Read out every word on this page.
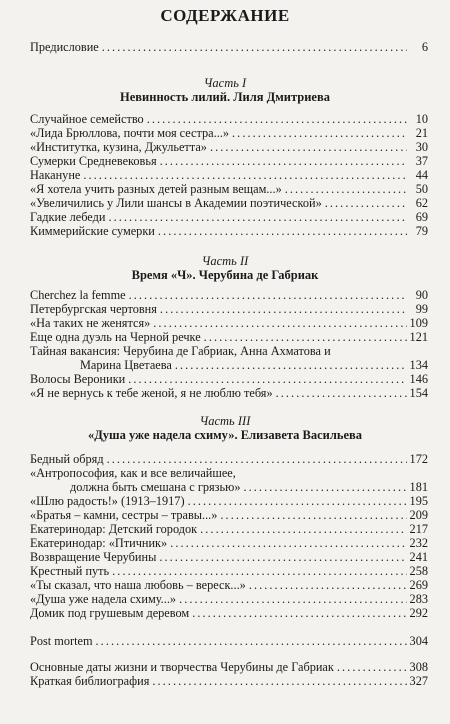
СОДЕРЖАНИЕ
Предисловие . . .	6
Часть I
Невинность лилий. Лиля Дмитриева
Случайное семейство . . .	10
«Лида Брюллова, почти моя сестра...» . . .	21
«Институтка, кузина, Джульетта» . . .	30
Сумерки Средневековья . . .	37
Накануне . . .	44
«Я хотела учить разных детей разным вещам...» . . .	50
«Увеличились у Лили шансы в Академии поэтической» . . .	62
Гадкие лебеди . . .	69
Киммерийские сумерки . . .	79
Часть II
Время «Ч». Черубина де Габриак
Cherchez la femme . . .	90
Петербургская чертовня . . .	99
«На таких не женятся» . . .	109
Еще одна дуэль на Черной речке . . .	121
Тайная вакансия: Черубина де Габриак, Анна Ахматова и
Марина Цветаева . . .	134
Волосы Вероники . . .	146
«Я не вернусь к тебе женой, я не люблю тебя» . . .	154
Часть III
«Душа уже надела схиму». Елизавета Васильева
Бедный обряд . . .	172
«Антропософия, как и все величайшее,
должна быть смешана с грязью» . . .	181
«Шлю радость!» (1913–1917) . . .	195
«Братья – камни, сестры – травы...» . . .	209
Екатеринодар: Детский городок . . .	217
Екатеринодар: «Птичник» . . .	232
Возвращение Черубины . . .	241
Крестный путь . . .	258
«Ты сказал, что наша любовь – вереск...» . . .	269
«Душа уже надела схиму...» . . .	283
Домик под грушевым деревом . . .	292
Post mortem . . .	304
Основные даты жизни и творчества Черубины де Габриак . . .	308
Краткая библиография . . .	327
